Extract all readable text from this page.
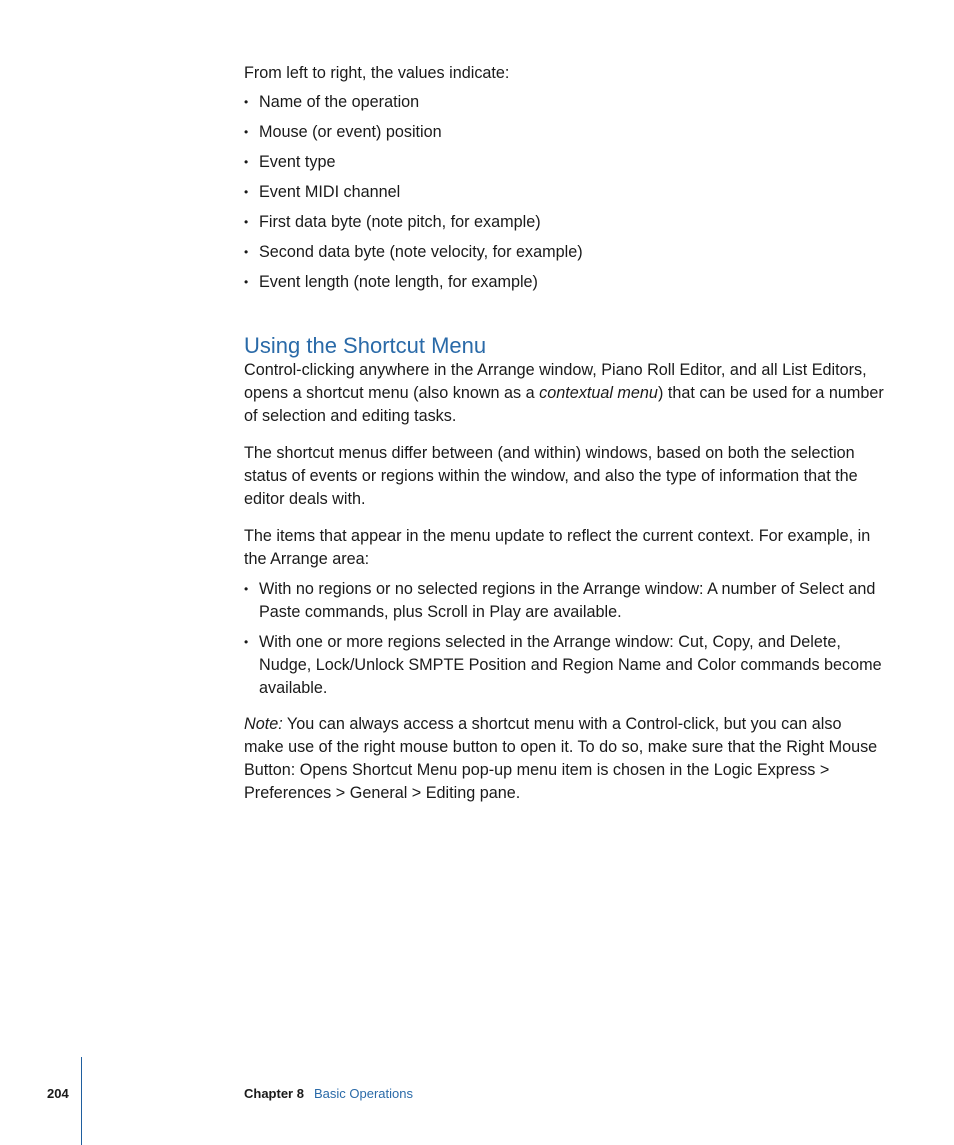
From left to right, the values indicate:

• Name of the operation
• Mouse (or event) position
• Event type
• Event MIDI channel
• First data byte (note pitch, for example)
• Second data byte (note velocity, for example)
• Event length (note length, for example)
Using the Shortcut Menu

Control-clicking anywhere in the Arrange window, Piano Roll Editor, and all List Editors, opens a shortcut menu (also known as a contextual menu) that can be used for a number of selection and editing tasks.

The shortcut menus differ between (and within) windows, based on both the selection status of events or regions within the window, and also the type of information that the editor deals with.

The items that appear in the menu update to reflect the current context. For example, in the Arrange area:

• With no regions or no selected regions in the Arrange window: A number of Select and Paste commands, plus Scroll in Play are available.
• With one or more regions selected in the Arrange window: Cut, Copy, and Delete, Nudge, Lock/Unlock SMPTE Position and Region Name and Color commands become available.

Note: You can always access a shortcut menu with a Control-click, but you can also make use of the right mouse button to open it. To do so, make sure that the Right Mouse Button: Opens Shortcut Menu pop-up menu item is chosen in the Logic Express > Preferences > General > Editing pane.

204	Chapter 8 Basic Operations
